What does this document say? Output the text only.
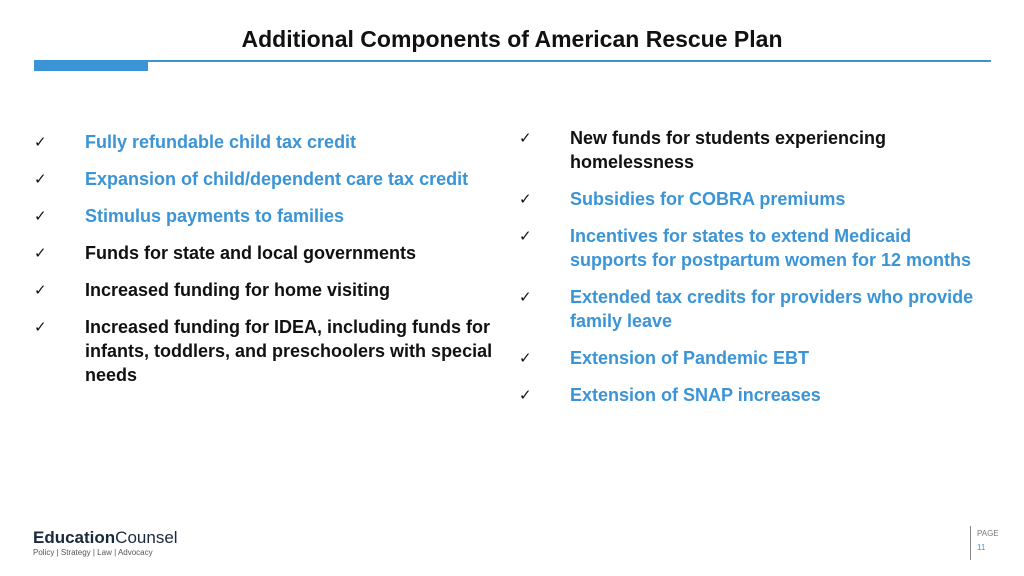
Additional Components of American Rescue Plan
✓ Fully refundable child tax credit
✓ Expansion of child/dependent care tax credit
✓ Stimulus payments to families
✓ Funds for state and local governments
✓ Increased funding for home visiting
✓ Increased funding for IDEA, including funds for infants, toddlers, and preschoolers with special needs
✓ New funds for students experiencing homelessness
✓ Subsidies for COBRA premiums
✓ Incentives for states to extend Medicaid supports for postpartum women for 12 months
✓ Extended tax credits for providers who provide family leave
✓ Extension of Pandemic EBT
✓ Extension of SNAP increases
EducationCounsel
Policy | Strategy | Law | Advocacy
PAGE
11
